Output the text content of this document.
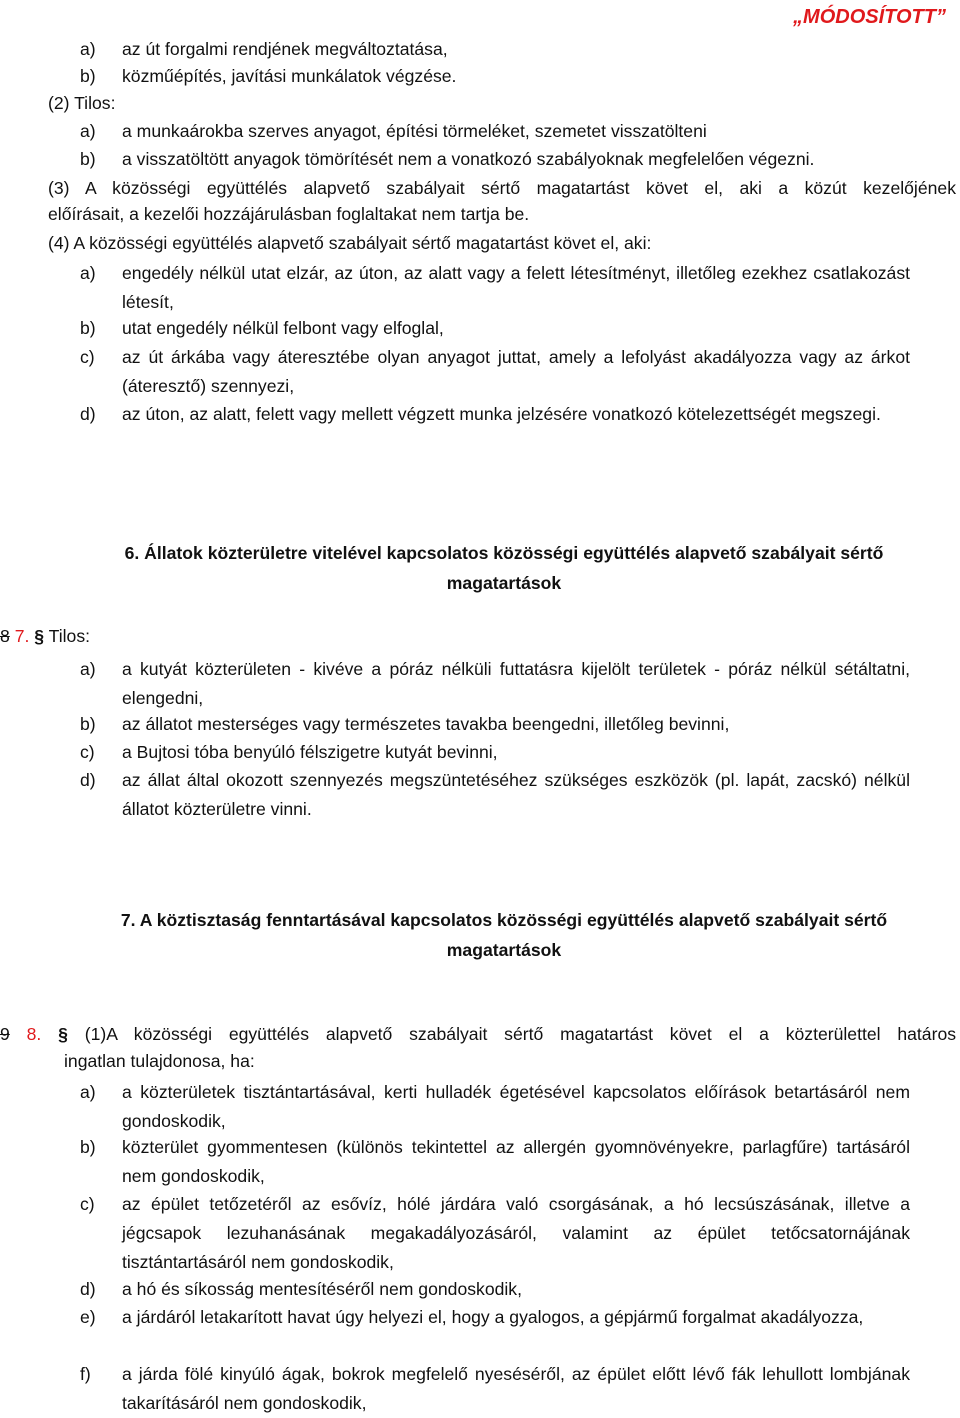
„MÓDOSÍTOTT”
a) az út forgalmi rendjének megváltoztatása,
b) közműépítés, javítási munkálatok végzése.
(2) Tilos:
a) a munkaárokba szerves anyagot, építési törmeléket, szemetet visszatölteni
b) a visszatöltött anyagok tömörítését nem a vonatkozó szabályoknak megfelelően végezni.
(3) A közösségi együttélés alapvető szabályait sértő magatartást követ el, aki a közút kezelőjének
előírásait, a kezelői hozzájárulásban foglaltakat nem tartja be.
(4) A közösségi együttélés alapvető szabályait sértő magatartást követ el, aki:
a) engedély nélkül utat elzár, az úton, az alatt vagy a felett létesítményt, illetőleg ezekhez csatlakozást létesít,
b) utat engedély nélkül felbont vagy elfoglal,
c) az út árkába vagy áteresztébe olyan anyagot juttat, amely a lefolyást akadályozza vagy az árkot (áteresztő) szennyezi,
d) az úton, az alatt, felett vagy mellett végzett munka jelzésére vonatkozó kötelezettségét megszegi.
6. Állatok közterületre vitelével kapcsolatos közösségi együttélés alapvető szabályait sértő
magatartások
8 7. § Tilos:
a) a kutyát közterületen - kivéve a póráz nélküli futtatásra kijelölt területek - póráz nélkül sétáltatni, elengedni,
b) az állatot mesterséges vagy természetes tavakba beengedni, illetőleg bevinni,
c) a Bujtosi tóba benyúló félszigetre kutyát bevinni,
d) az állat által okozott szennyezés megszüntetéséhez szükséges eszközök (pl. lapát, zacskó) nélkül állatot közterületre vinni.
7. A köztisztaság fenntartásával kapcsolatos közösségi együttélés alapvető szabályait sértő
magatartások
9 8. § (1)A közösségi együttélés alapvető szabályait sértő magatartást követ el a közterülettel határos
ingatlan tulajdonosa, ha:
a) a közterületek tisztántartásával, kerti hulladék égetésével kapcsolatos előírások betartásáról nem gondoskodik,
b) közterület gyommentesen (különös tekintettel az allergén gyomnövényekre, parlagfűre) tartásáról nem gondoskodik,
c) az épület tetőzetéről az esővíz, hólé járdára való csorgásának, a hó lecsúszásának, illetve a jégcsapok lezuhanásának megakadályozásáról, valamint az épület tetőcsatornájának tisztántartásáról nem gondoskodik,
d) a hó és síkosság mentesítéséről nem gondoskodik,
e) a járdáról letakarított havat úgy helyezi el, hogy a gyalogos, a gépjármű forgalmat akadályozza,
f) a járda fölé kinyúló ágak, bokrok megfelelő nyeséséről, az épület előtt lévő fák lehullott lombjának takarításáról nem gondoskodik,
